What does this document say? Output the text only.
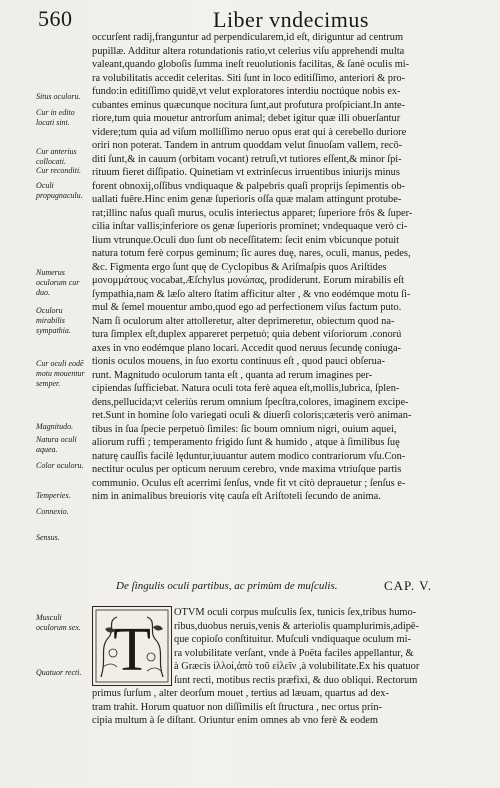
560	Liber vndecimus
Situs oculoru.
Cur in edito locati sint.
Cur anterius collocati.
Cur reconditi.
Oculi propugnaculu.
Numerus oculorum cur duo.
Oculoru mirabilis sympathia.
Cur oculi eodē motu mouentur semper.
Magnitudo.
Natura oculi aquea.
Color oculoru.
Temperies.
Connexio.
Sensus.
Musculi oculorum sex.
Quatuor recti.
occurſent radij,franguntur ad perpendicularem,id eſt, diriguntur ad centrum
pupillæ. Additur altera rotundationis ratio,vt celerius viſu apprehendi multa
valeant,quando globoſis ſumma ineſt reuolutionis facilitas, & ſanè oculis mi-
ra volubilitatis accedit celeritas. Siti ſunt in loco editiſſimo, anteriori & pro-
fundo:in editiſſimo quidē,vt velut exploratores interdiu noctúque nobis ex-
cubantes eminus quæcunque nocitura ſunt,aut profutura proſpiciant.In ante-
riore,tum quia mouetur antrorſum animal; debet igitur quæ illi obuerſantur
videre;tum quia ad viſum molliſſimo neruo opus erat qui à cerebello duriore
oriri non poterat. Tandem in antrum quoddam velut ſinuoſam vallem, recō-
diti ſunt,& in cauum (orbitam vocant) retruſi,vt tutiores eſſent,& minor ſpi-
rituum fieret diſſipatio. Quinetiam vt extrinſecus irruentibus iniurijs minus
forent obnoxij,oſſibus vndiquaque & palpebris quaſi proprijs ſepimentis ob-
uallati fuêre.Hinc enim genæ ſuperioris oſſa quæ malam attingunt protube-
rat;illinc naſus quaſi murus, oculis interiectus apparet; ſuperiore frōs & ſuper-
cilia inſtar vallis;inferiore os genæ ſuperioris prominet; vndequaque verò ci-
lium vtrunque.Oculi duo ſunt ob neceſſitatem: ſecit enim vbicunque potuit
natura totum ferè corpus geminum; ſic aures duę, nares, oculi, manus, pedes,
&c. Figmenta ergo ſunt quę de Cyclopibus & Ariſmaſpis quos Ariſtides
μονομμάτους vocabat,Æſchylus μονώπας, prodiderunt. Eorum mirabilis eſt
ſympathia,nam & læſo altero ſtatim afficitur alter , & vno eodémque motu ſi-
mul & ſemel mouentur ambo,quod ego ad perfectionem viſus factum puto.
Nam ſi oculorum alter attolleretur, alter deprimeretur, obiectum quod na-
tura ſimplex eſt,duplex appareret perpetuò; quia debent viſoriorum .conorú
axes in vno eodémque plano locari. Accedit quod neruus ſecundę coniuga-
tionis oculos mouens, in ſuo exortu continuus eſt , quod pauci obſerua-
runt. Magnitudo oculorum tanta eſt , quanta ad rerum imagines per-
cipiendas ſufficiebat. Natura oculi tota ferè aquea eſt,mollis,lubrica, ſplen-
dens,pellucida;vt celeriùs rerum omnium ſpecſtra,colores, imaginem excipe-
ret.Sunt in homine ſolo variegati oculi & diuerſi coloris;cæteris verò animan-
tibus in ſua ſpecie perpetuò ſimiles: ſic boum omnium nigri, ouium aquei,
aliorum ruffi ; temperamento frigido ſunt & humido , atque à ſimilibus ſuę
naturę cauſſis facilè lęduntur,iuuantur autem modico contrariorum vſu.Con-
nectitur oculus per opticum neruum cerebro, vnde maxima vtriuſque partis
communio. Oculus eſt acerrimi ſenſus, vnde fit vt citò deprauetur ; ſenſus e-
nim in animalibus breuioris vitę cauſa eſt Ariſtoteli ſecundo de anima.
De ſingulis oculi partibus, ac primùm de muſculis.	CAP. V.
T
OTVM oculi corpus muſculis ſex, tunicis ſex,tribus humo-
ribus,duobus neruis,venis & arteriolis quamplurimis,adipē-
que copioſo conſtituitur. Muſculi vndiquaque oculum mi-
ra volubilitate verſant, vnde à Poëta faciles appellantur, &
à Græcis ἰλλοί,ἀπὸ τοῦ εἰλεῖν ,à volubilitate.Ex his quatuor
ſunt recti, motibus rectis præfixi, & duo obliqui. Rectorum
primus ſurſum , alter deorſum mouet , tertius ad læuam, quartus ad dex-
tram trahit. Horum quatuor non diſſimilis eſt ſtructura , nec ortus prin-
cipia multum à ſe diſtant. Oriuntur enim omnes ab vno ferè & eodem
